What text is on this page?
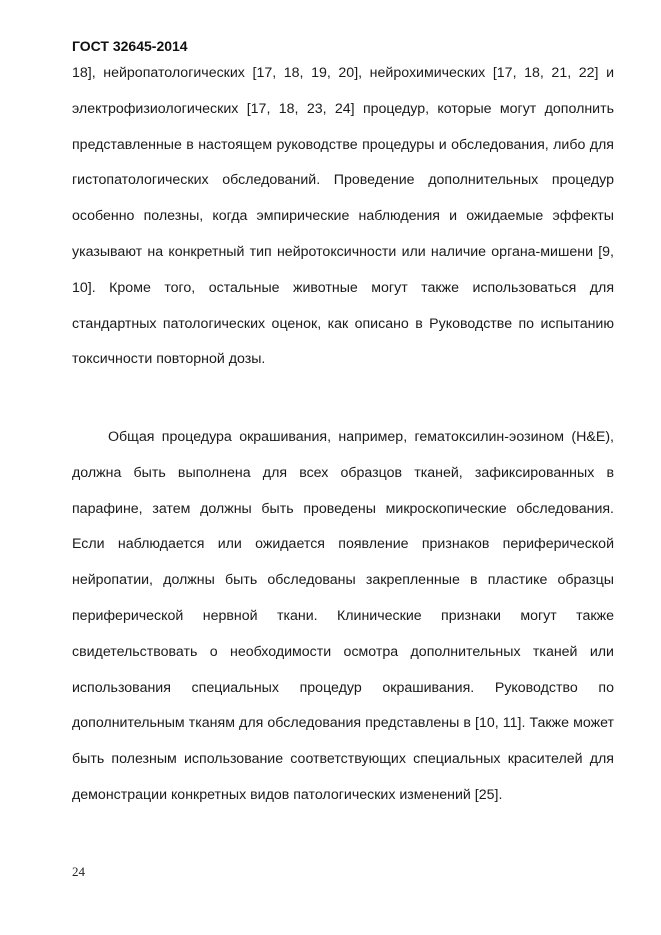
ГОСТ 32645-2014

18], нейропатологических [17, 18, 19, 20], нейрохимических [17, 18, 21, 22] и электрофизиологических [17, 18, 23, 24] процедур, которые могут дополнить представленные в настоящем руководстве процедуры и обследования, либо для гистопатологических обследований. Проведение дополнительных процедур особенно полезны, когда эмпирические наблюдения и ожидаемые эффекты указывают на конкретный тип нейротоксичности или наличие органа-мишени [9, 10]. Кроме того, остальные животные могут также использоваться для стандартных патологических оценок, как описано в Руководстве по испытанию токсичности повторной дозы.

Общая процедура окрашивания, например, гематоксилин-эозином (H&E), должна быть выполнена для всех образцов тканей, зафиксированных в парафине, затем должны быть проведены микроскопические обследования. Если наблюдается или ожидается появление признаков периферической нейропатии, должны быть обследованы закрепленные в пластике образцы периферической нервной ткани. Клинические признаки могут также свидетельствовать о необходимости осмотра дополнительных тканей или использования специальных процедур окрашивания. Руководство по дополнительным тканям для обследования представлены в [10, 11]. Также может быть полезным использование соответствующих специальных красителей для демонстрации конкретных видов патологических изменений [25].

24
